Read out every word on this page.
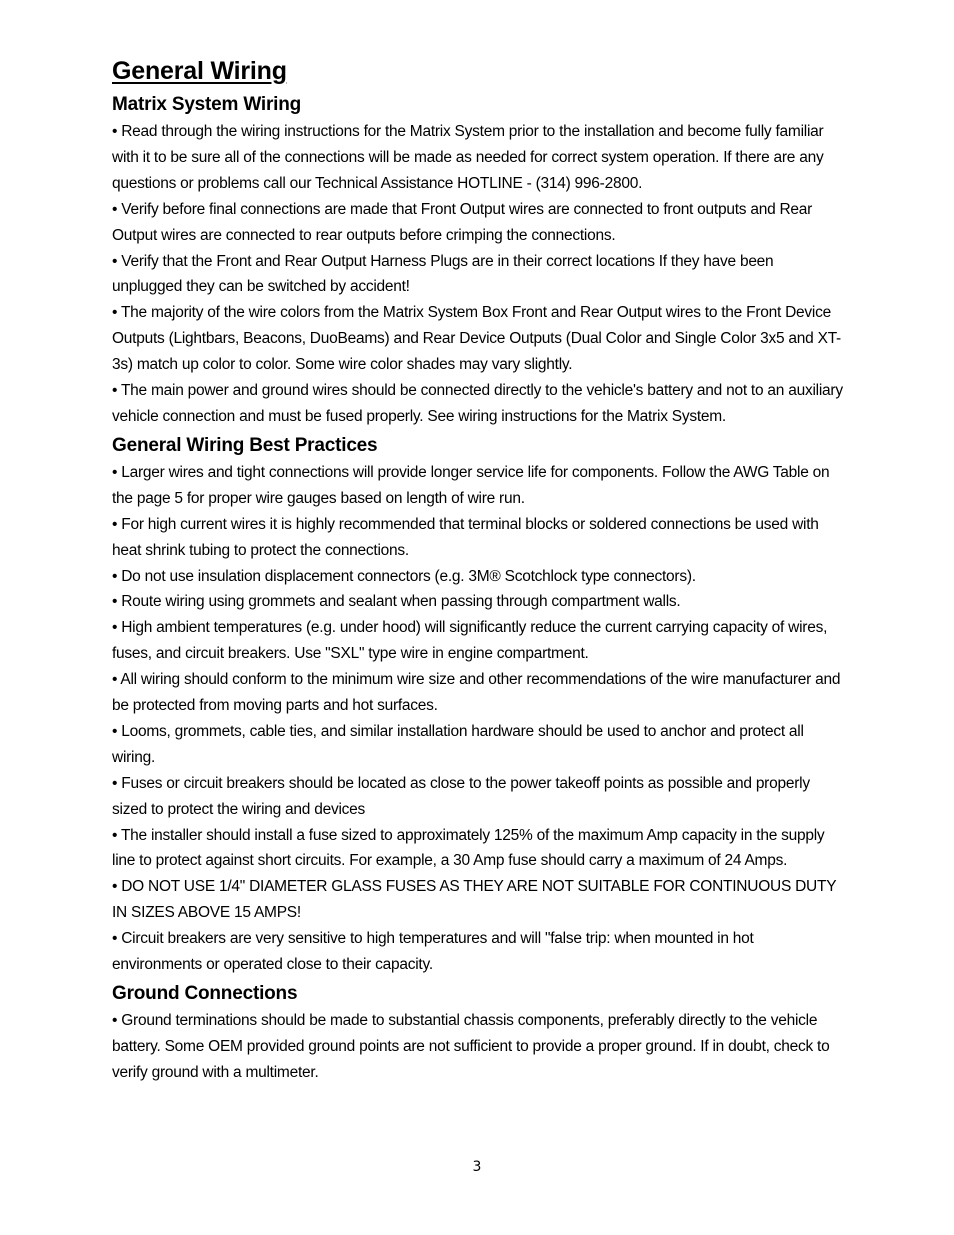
General Wiring
Matrix System Wiring

• Read through the wiring instructions for the Matrix System prior to the installation and become fully familiar with it to be sure all of the connections will be made as needed for correct system operation. If there are any questions or problems call our Technical Assistance HOTLINE - (314) 996-2800.

• Verify before final connections are made that Front Output wires are connected to front outputs and Rear Output wires are connected to rear outputs before crimping the connections.

• Verify that the Front and Rear Output Harness Plugs are in their correct locations If they have been unplugged they can be switched by accident!

• The majority of the wire colors from the Matrix System Box Front and Rear Output wires to the Front Device Outputs (Lightbars, Beacons, DuoBeams) and Rear Device Outputs (Dual Color and Single Color 3x5 and XT-3s) match up color to color. Some wire color shades may vary slightly.

• The main power and ground wires should be connected directly to the vehicle's battery and not to an auxiliary vehicle connection and must be fused properly. See wiring instructions for the Matrix System.

General Wiring Best Practices

• Larger wires and tight connections will provide longer service life for components. Follow the AWG Table on the page 5 for proper wire gauges based on length of wire run.

• For high current wires it is highly recommended that terminal blocks or soldered connections be used with heat shrink tubing to protect the connections.

• Do not use insulation displacement connectors (e.g. 3M® Scotchlock type connectors).

• Route wiring using grommets and sealant when passing through compartment walls.

• High ambient temperatures (e.g. under hood) will significantly reduce the current carrying capacity of wires, fuses, and circuit breakers. Use "SXL" type wire in engine compartment.

• All wiring should conform to the minimum wire size and other recommendations of the wire manufacturer and be protected from moving parts and hot surfaces.

• Looms, grommets, cable ties, and similar installation hardware should be used to anchor and protect all wiring.

• Fuses or circuit breakers should be located as close to the power takeoff points as possible and properly sized to protect the wiring and devices

• The installer should install a fuse sized to approximately 125% of the maximum Amp capacity in the supply line to protect against short circuits. For example, a 30 Amp fuse should carry a maximum of 24 Amps.

• DO NOT USE 1/4" DIAMETER GLASS FUSES AS THEY ARE NOT SUITABLE FOR CONTINUOUS DUTY IN SIZES ABOVE 15 AMPS!

• Circuit breakers are very sensitive to high temperatures and will "false trip: when mounted in hot environments or operated close to their capacity.

Ground Connections

• Ground terminations should be made to substantial chassis components, preferably directly to the vehicle battery. Some OEM provided ground points are not sufficient to provide a proper ground. If in doubt, check to verify ground with a multimeter.

3
